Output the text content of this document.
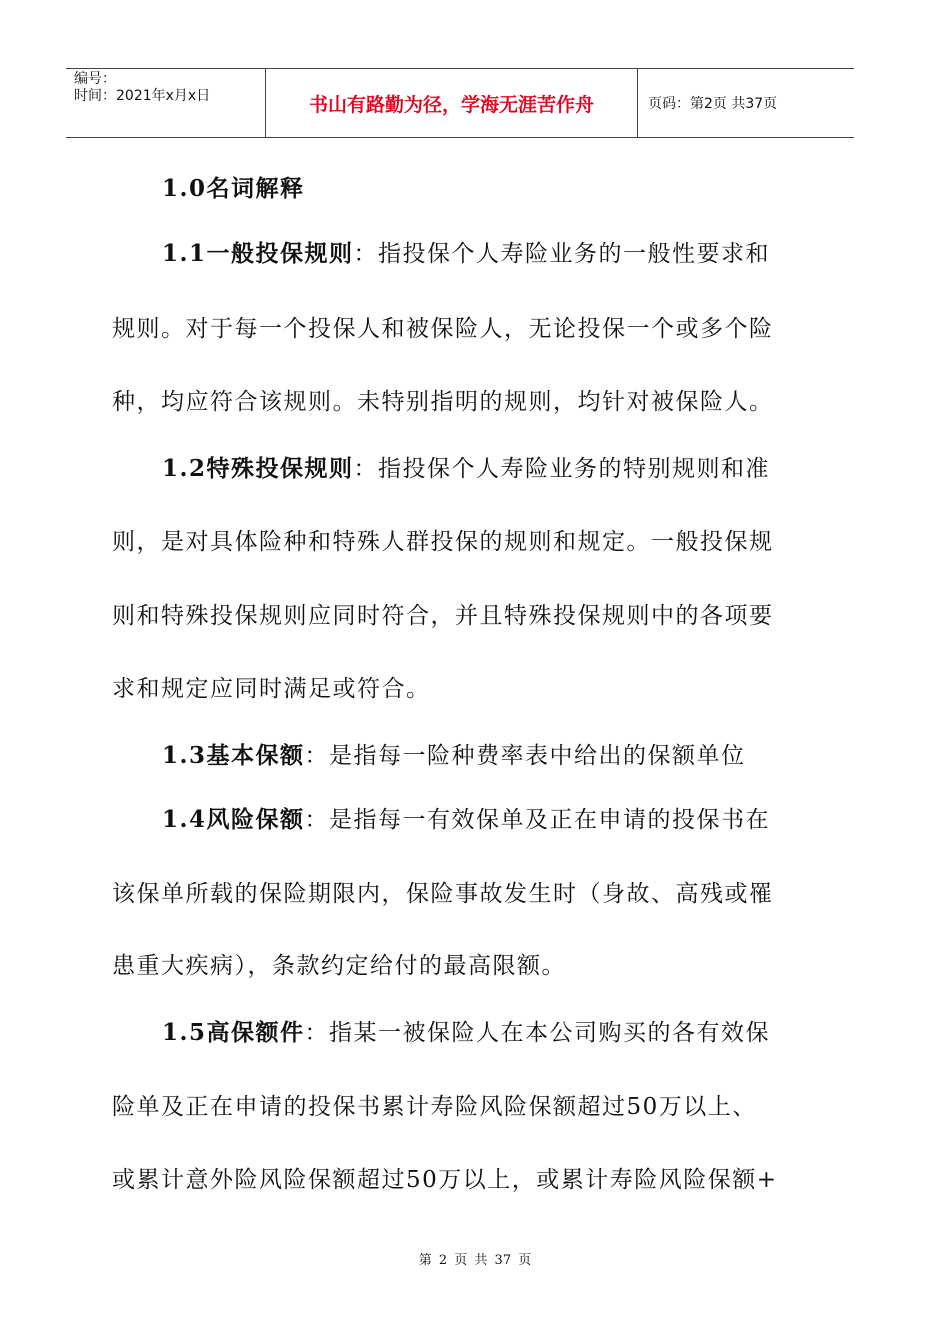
编号：
时间：2021年x月x日	书山有路勤为径，学海无涯苦作舟	页码：第2页 共37页
1.0名词解释
1.1一般投保规则：指投保个人寿险业务的一般性要求和
规则。对于每一个投保人和被保险人，无论投保一个或多个险
种，均应符合该规则。未特别指明的规则，均针对被保险人。
1.2特殊投保规则：指投保个人寿险业务的特别规则和准
则，是对具体险种和特殊人群投保的规则和规定。一般投保规
则和特殊投保规则应同时符合，并且特殊投保规则中的各项要
求和规定应同时满足或符合。
1.3基本保额：是指每一险种费率表中给出的保额单位
1.4风险保额：是指每一有效保单及正在申请的投保书在
该保单所载的保险期限内，保险事故发生时（身故、高残或罹
患重大疾病），条款约定给付的最高限额。
1.5高保额件：指某一被保险人在本公司购买的各有效保
险单及正在申请的投保书累计寿险风险保额超过50万以上、
或累计意外险风险保额超过50万以上，或累计寿险风险保额+
第 2 页 共 37 页
